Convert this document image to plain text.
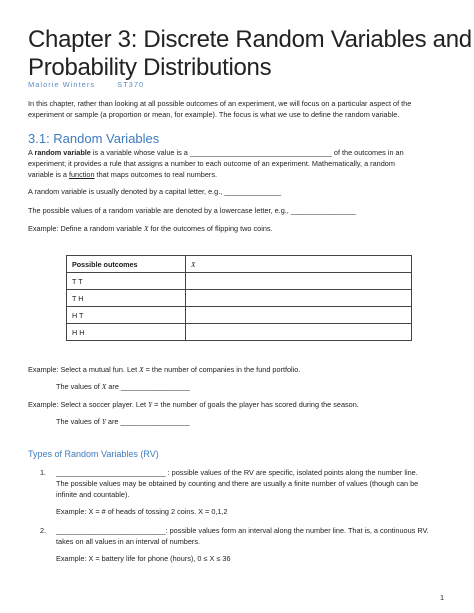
Chapter 3: Discrete Random Variables and
Probability Distributions
Malorie Winters	ST370
In this chapter, rather than looking at all possible outcomes of an experiment, we will focus on a particular aspect of the
experiment or sample (a proportion or mean, for example). The focus is what we use to define the random variable.
3.1: Random Variables
A random variable is a variable whose value is a ___________________________________ of the outcomes in an
experiment; it provides a rule that assigns a number to each outcome of an experiment. Mathematically, a random
variable is a function that maps outcomes to real numbers.
A random variable is usually denoted by a capital letter, e.g., ______________
The possible values of a random variable are denoted by a lowercase letter, e.g., ________________
Example: Define a random variable X for the outcomes of flipping two coins.
Possible outcomes	X
T T	
T H	
H T	
H H	
Example: Select a mutual fun. Let X = the number of companies in the fund portfolio.
The values of X are _________________
Example: Select a soccer player. Let Y = the number of goals the player has scored during the season.
The values of Y are _________________
Types of Random Variables (RV)
1. ___________________________ : possible values of the RV are specific, isolated points along the number line.
The possible values may be obtained by counting and there are usually a finite number of values (though can be
infinite and countable).
Example: X = # of heads of tossing 2 coins. X = 0,1,2
2. ___________________________: possible values form an interval along the number line. That is, a continuous RV.
takes on all values in an interval of numbers.
Example: X = battery life for phone (hours), 0 ≤ X ≤ 36
1
